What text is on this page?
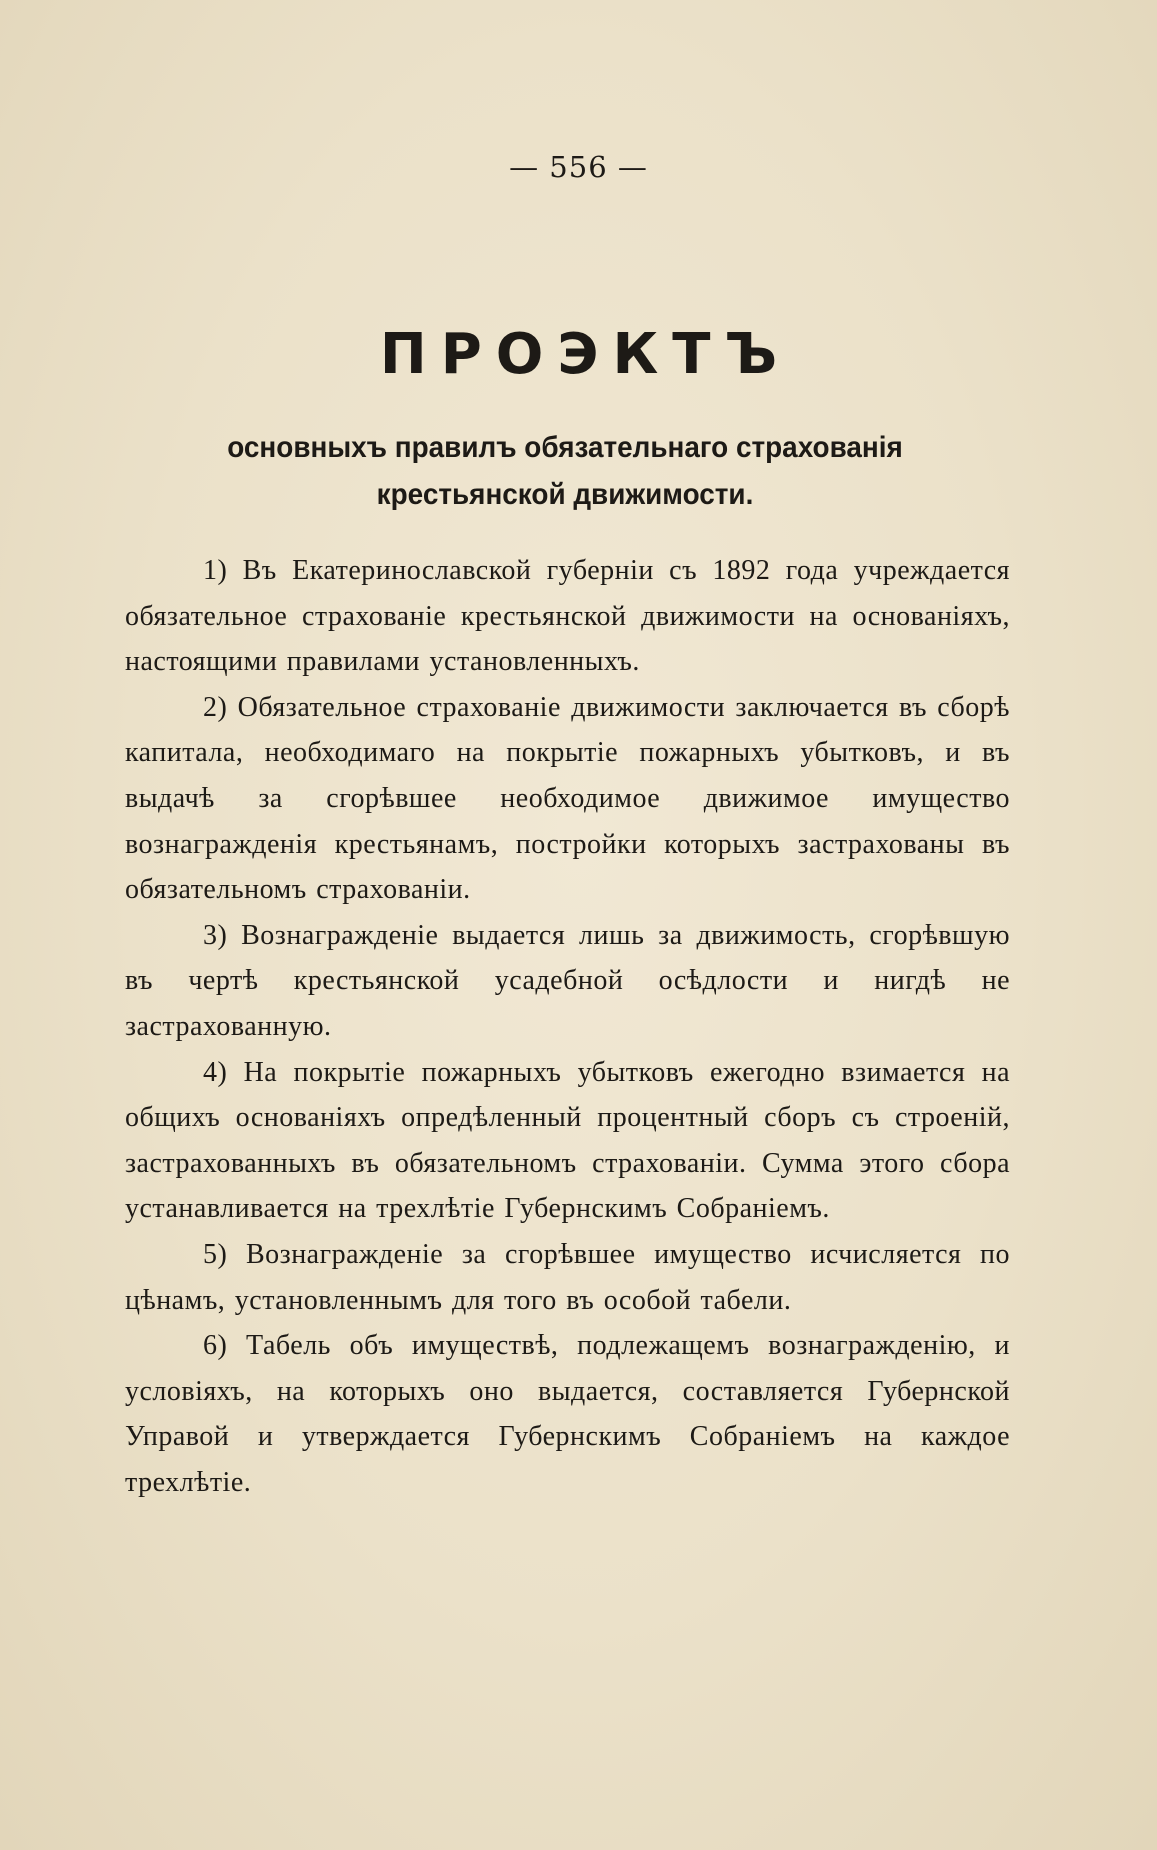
— 556 —
ПРОЭКТЪ
основныхъ правилъ обязательнаго страхованія крестьянской движимости.

1) Въ Екатеринославской губерніи съ 1892 года учреждается обязательное страхованіе крестьянской движимости на основаніяхъ, настоящими правилами установленныхъ.

2) Обязательное страхованіе движимости заключается въ сборѣ капитала, необходимаго на покрытіе пожарныхъ убытковъ, и въ выдачѣ за сгорѣвшее необходимое движимое имущество вознагражденія крестьянамъ, постройки которыхъ застрахованы въ обязательномъ страхованіи.

3) Вознагражденіе выдается лишь за движимость, сгорѣвшую въ чертѣ крестьянской усадебной осѣдлости и нигдѣ не застрахованную.

4) На покрытіе пожарныхъ убытковъ ежегодно взимается на общихъ основаніяхъ опредѣленный процентный сборъ съ строеній, застрахованныхъ въ обязательномъ страхованіи. Сумма этого сбора устанавливается на трехлѣтіе Губернскимъ Собраніемъ.

5) Вознагражденіе за сгорѣвшее имущество исчисляется по цѣнамъ, установленнымъ для того въ особой табели.

6) Табель объ имуществѣ, подлежащемъ вознагражденію, и условіяхъ, на которыхъ оно выдается, составляется Губернской Управой и утверждается Губернскимъ Собраніемъ на каждое трехлѣтіе.
